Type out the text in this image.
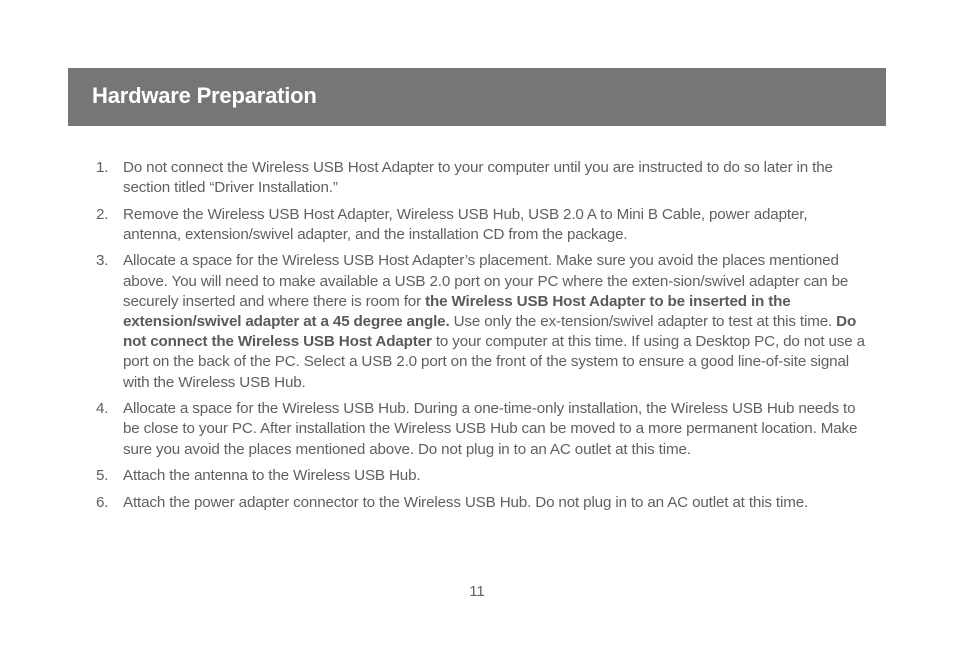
Hardware Preparation
1. Do not connect the Wireless USB Host Adapter to your computer until you are instructed to do so later in the section titled “Driver Installation.”
2. Remove the Wireless USB Host Adapter, Wireless USB Hub, USB 2.0 A to Mini B Cable, power adapter, antenna, extension/swivel adapter, and the installation CD from the package.
3. Allocate a space for the Wireless USB Host Adapter’s placement. Make sure you avoid the places mentioned above. You will need to make available a USB 2.0 port on your PC where the exten-sion/swivel adapter can be securely inserted and where there is room for the Wireless USB Host Adapter to be inserted in the extension/swivel adapter at a 45 degree angle. Use only the ex-tension/swivel adapter to test at this time. Do not connect the Wireless USB Host Adapter to your computer at this time. If using a Desktop PC, do not use a port on the back of the PC. Select a USB 2.0 port on the front of the system to ensure a good line-of-site signal with the Wireless USB Hub.
4. Allocate a space for the Wireless USB Hub. During a one-time-only installation, the Wireless USB Hub needs to be close to your PC. After installation the Wireless USB Hub can be moved to a more permanent location. Make sure you avoid the places mentioned above. Do not plug in to an AC outlet at this time.
5. Attach the antenna to the Wireless USB Hub.
6. Attach the power adapter connector to the Wireless USB Hub. Do not plug in to an AC outlet at this time.
11
